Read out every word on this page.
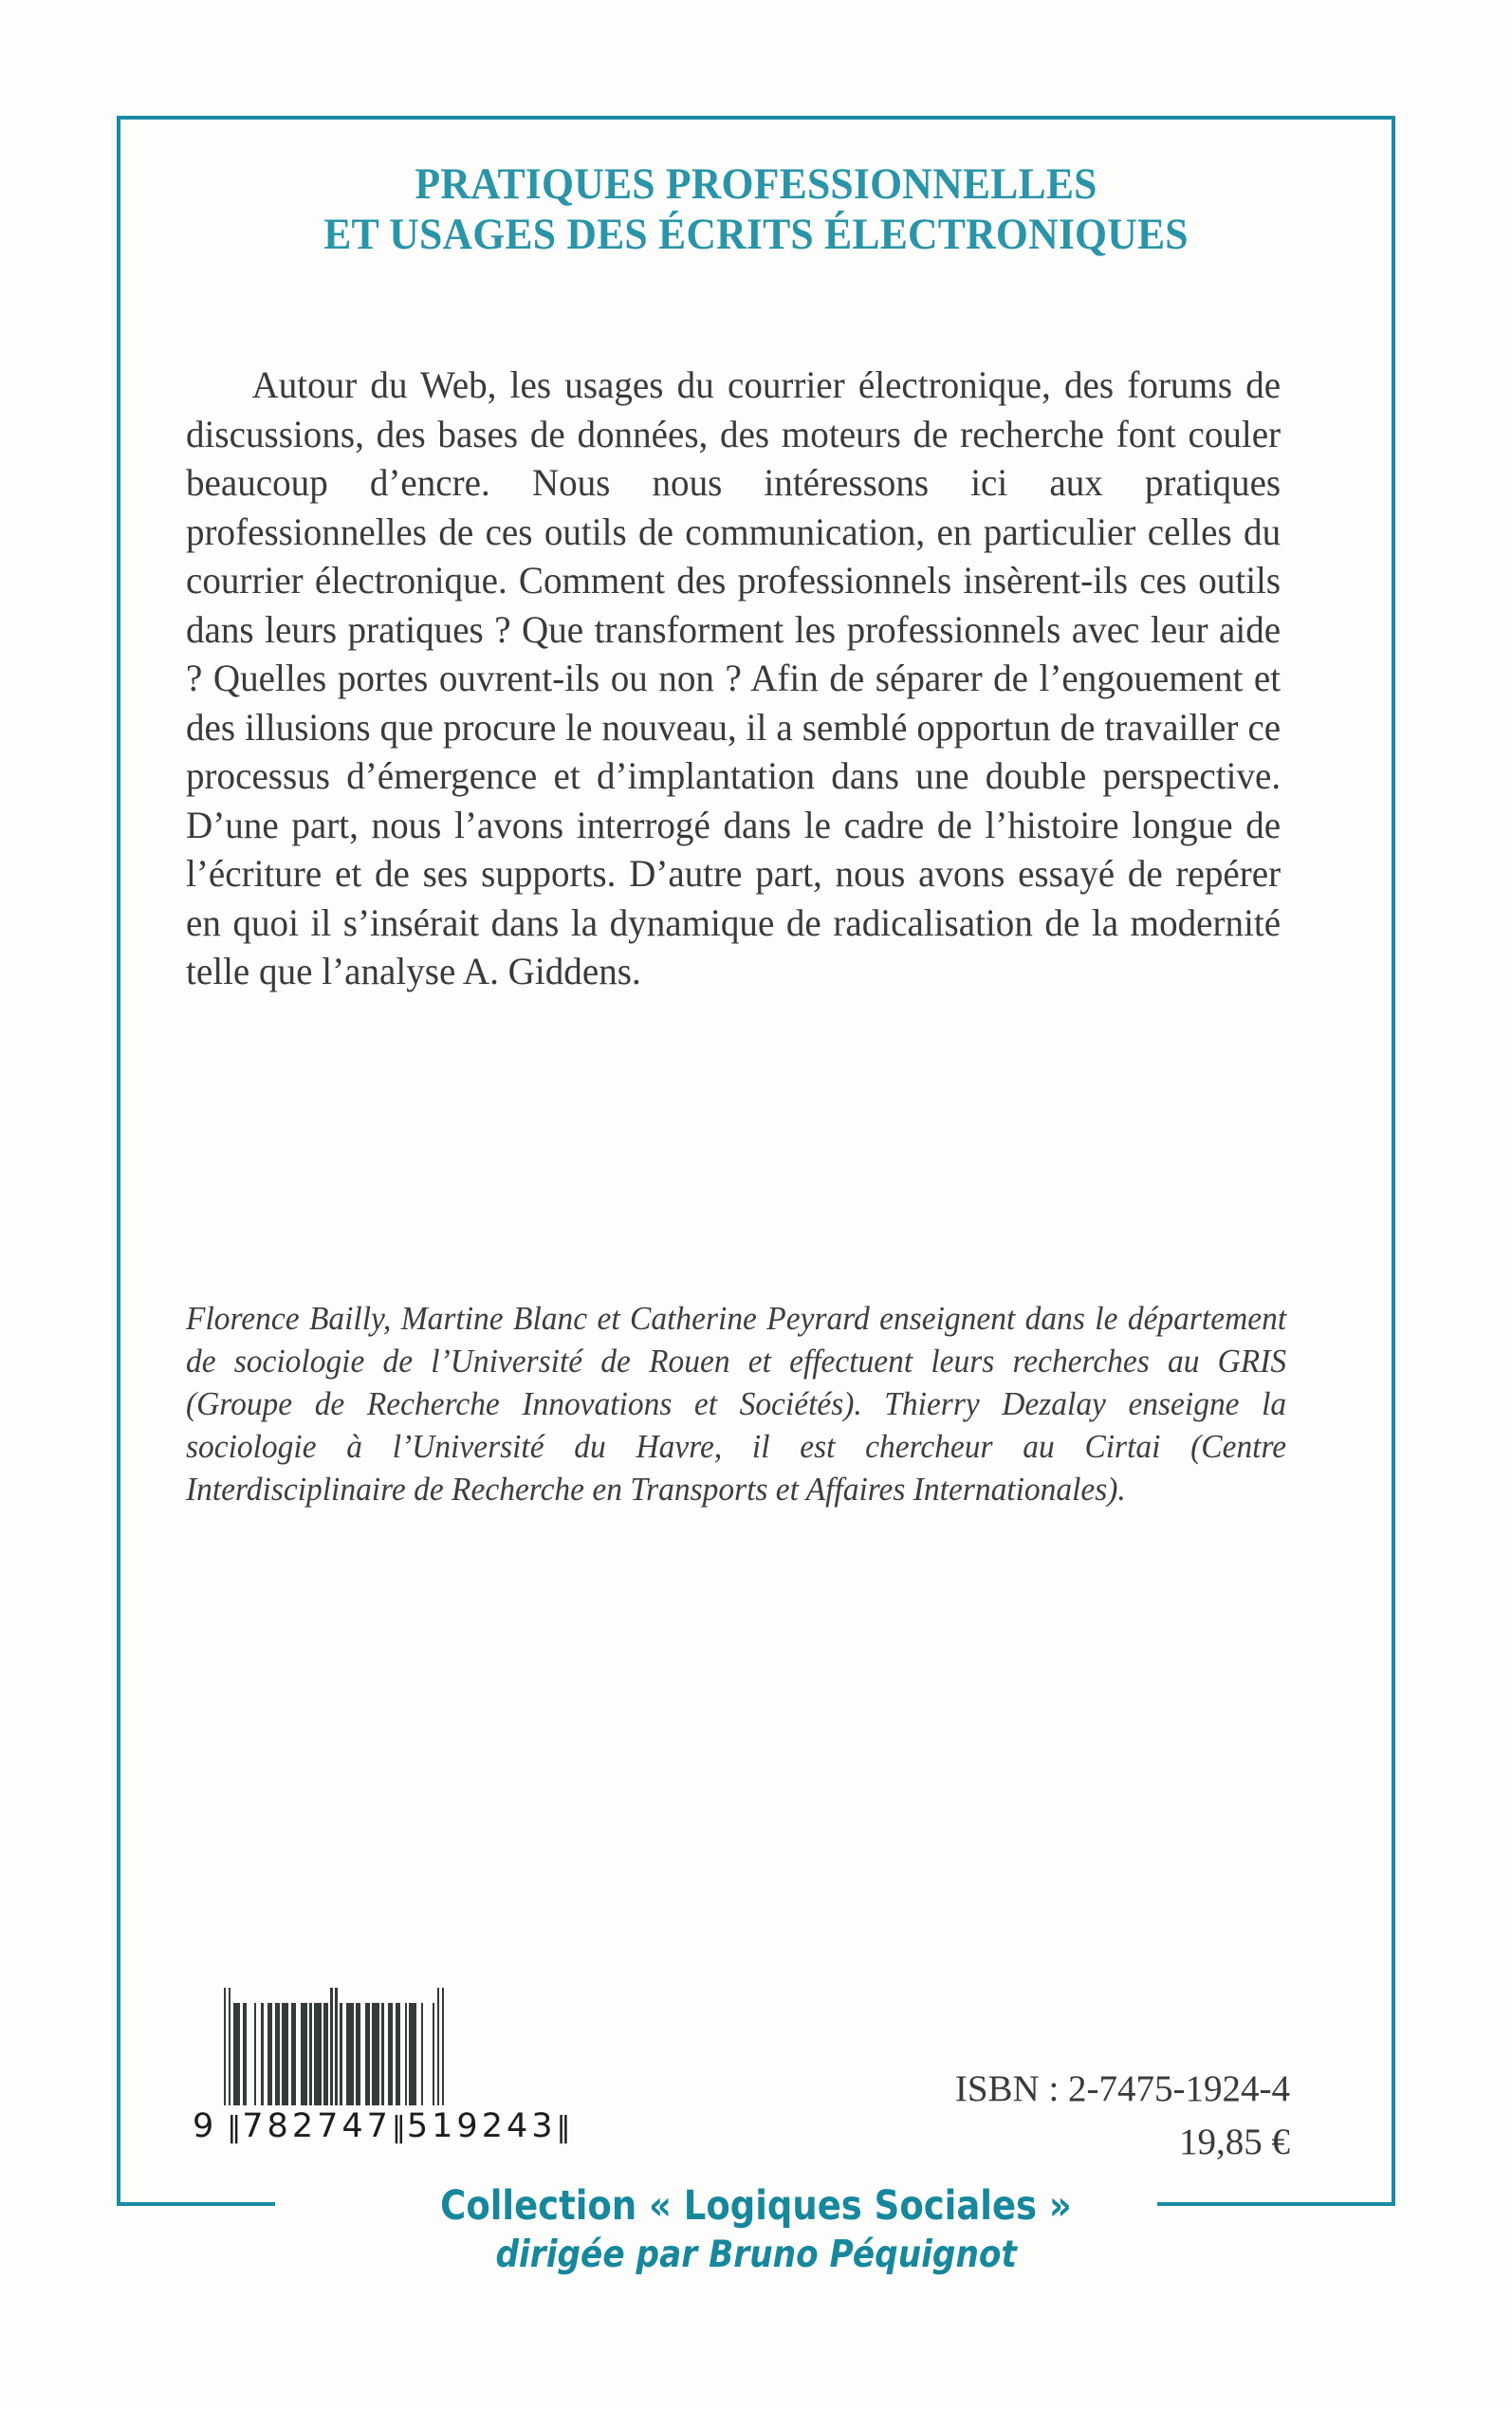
PRATIQUES PROFESSIONNELLES
ET USAGES DES ÉCRITS ÉLECTRONIQUES
Autour du Web, les usages du courrier électronique, des forums de discussions, des bases de données, des moteurs de recherche font couler beaucoup d’encre. Nous nous intéressons ici aux pratiques professionnelles de ces outils de communication, en particulier celles du courrier électronique. Comment des professionnels insèrent-ils ces outils dans leurs pratiques ? Que transforment les professionnels avec leur aide ? Quelles portes ouvrent-ils ou non ? Afin de séparer de l’engouement et des illusions que procure le nouveau, il a semblé opportun de travailler ce processus d’émergence et d’implantation dans une double perspective. D’une part, nous l’avons interrogé dans le cadre de l’histoire longue de l’écriture et de ses supports. D’autre part, nous avons essayé de repérer en quoi il s’insérait dans la dynamique de radicalisation de la modernité telle que l’analyse A. Giddens.
Florence Bailly, Martine Blanc et Catherine Peyrard enseignent dans le département de sociologie de l’Université de Rouen et effectuent leurs recherches au GRIS (Groupe de Recherche Innovations et Sociétés). Thierry Dezalay enseigne la sociologie à l’Université du Havre, il est chercheur au Cirtai (Centre Interdisciplinaire de Recherche en Transports et Affaires Internationales).
9 ‖ 782747 ‖ 519243 ‖
ISBN : 2-7475-1924-4
19,85 €
Collection « Logiques Sociales »
dirigée par Bruno Péquignot
